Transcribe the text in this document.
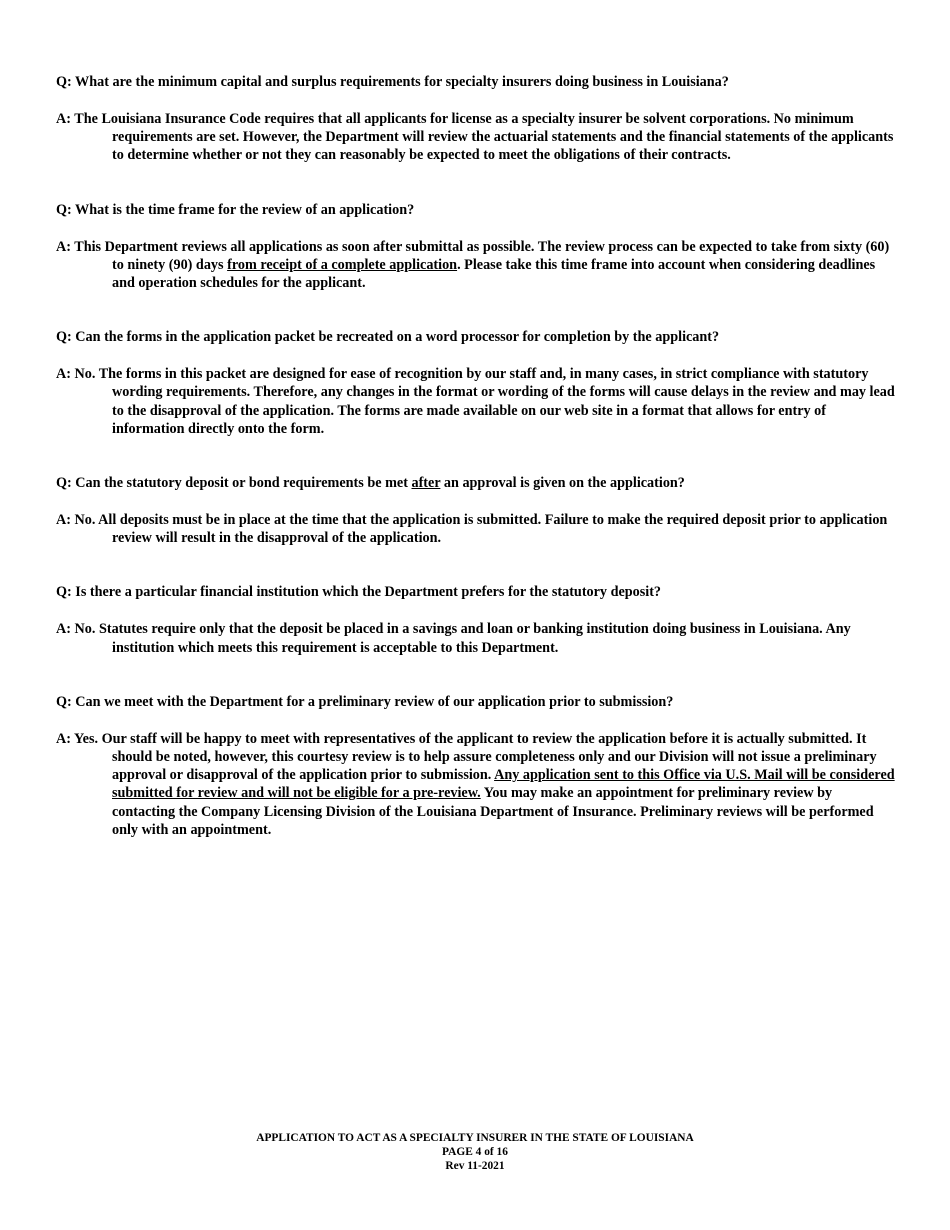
Q: What are the minimum capital and surplus requirements for specialty insurers doing business in Louisiana?

A: The Louisiana Insurance Code requires that all applicants for license as a specialty insurer be solvent corporations. No minimum requirements are set. However, the Department will review the actuarial statements and the financial statements of the applicants to determine whether or not they can reasonably be expected to meet the obligations of their contracts.

Q: What is the time frame for the review of an application?

A: This Department reviews all applications as soon after submittal as possible. The review process can be expected to take from sixty (60) to ninety (90) days from receipt of a complete application. Please take this time frame into account when considering deadlines and operation schedules for the applicant.

Q: Can the forms in the application packet be recreated on a word processor for completion by the applicant?

A: No. The forms in this packet are designed for ease of recognition by our staff and, in many cases, in strict compliance with statutory wording requirements. Therefore, any changes in the format or wording of the forms will cause delays in the review and may lead to the disapproval of the application. The forms are made available on our web site in a format that allows for entry of information directly onto the form.

Q: Can the statutory deposit or bond requirements be met after an approval is given on the application?

A: No. All deposits must be in place at the time that the application is submitted. Failure to make the required deposit prior to application review will result in the disapproval of the application.

Q: Is there a particular financial institution which the Department prefers for the statutory deposit?

A: No. Statutes require only that the deposit be placed in a savings and loan or banking institution doing business in Louisiana. Any institution which meets this requirement is acceptable to this Department.

Q: Can we meet with the Department for a preliminary review of our application prior to submission?

A: Yes. Our staff will be happy to meet with representatives of the applicant to review the application before it is actually submitted. It should be noted, however, this courtesy review is to help assure completeness only and our Division will not issue a preliminary approval or disapproval of the application prior to submission. Any application sent to this Office via U.S. Mail will be considered submitted for review and will not be eligible for a pre-review. You may make an appointment for preliminary review by contacting the Company Licensing Division of the Louisiana Department of Insurance. Preliminary reviews will be performed only with an appointment.

APPLICATION TO ACT AS A SPECIALTY INSURER IN THE STATE OF LOUISIANA
PAGE 4 of 16
Rev 11-2021
